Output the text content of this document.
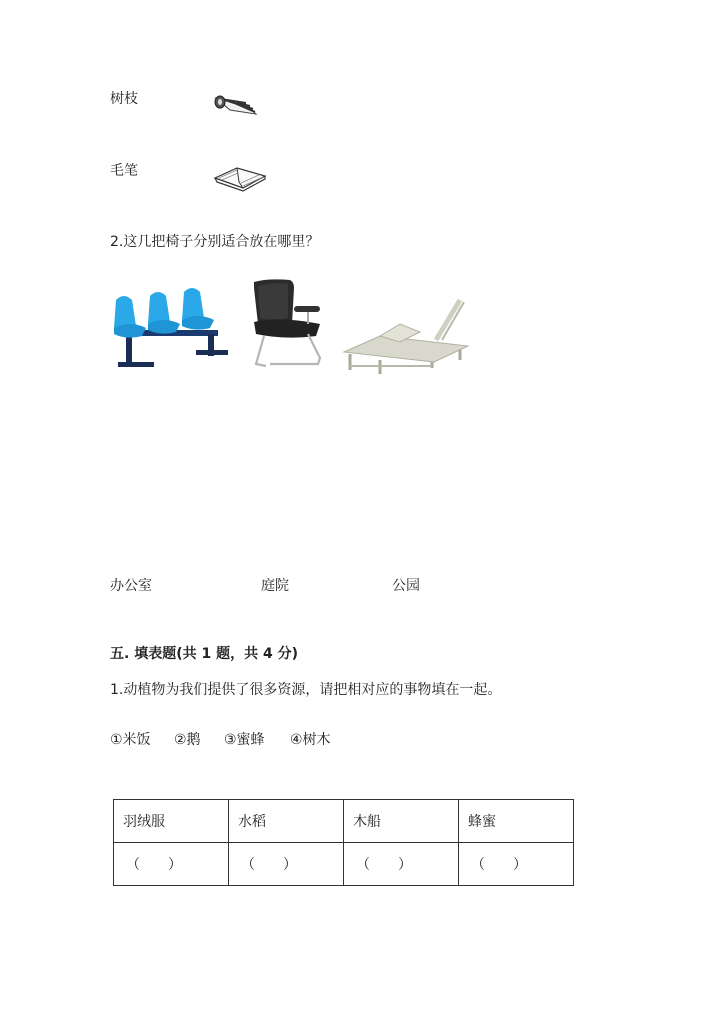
树枝
毛笔
2.这几把椅子分别适合放在哪里？
办公室	庭院	公园
五. 填表题(共 1 题，共 4 分)
1.动植物为我们提供了很多资源，请把相对应的事物填在一起。
①米饭 ②鹅 ③蜜蜂 ④树木
羽绒服	水稻	木船	蜂蜜
（ ）	（ ）	（ ）	（ ）
